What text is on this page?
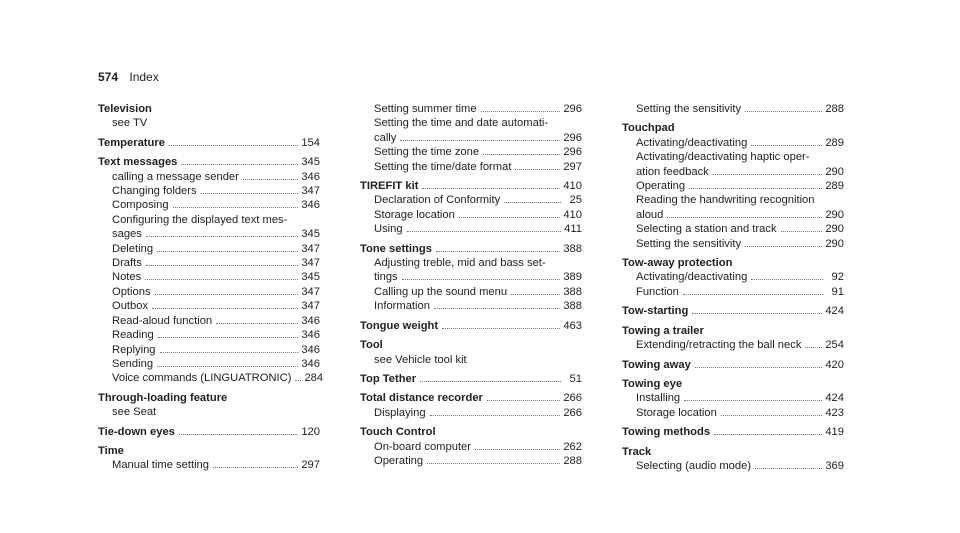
574 Index
Television
see TV
Temperature	154
Text messages	345
calling a message sender	346
Changing folders	347
Composing	346
Configuring the displayed text mes-
sages	345
Deleting	347
Drafts	347
Notes	345
Options	347
Outbox	347
Read-aloud function	346
Reading	346
Replying	346
Sending	346
Voice commands (LINGUATRONIC) 284
Through-loading feature
see Seat
Tie-down eyes	120
Time
Manual time setting	297
Setting summer time	296
Setting the time and date automati-
cally	296
Setting the time zone	296
Setting the time/date format	297
TIREFIT kit	410
Declaration of Conformity	25
Storage location	410
Using	411
Tone settings	388
Adjusting treble, mid and bass set-
tings	389
Calling up the sound menu	388
Information	388
Tongue weight	463
Tool
see Vehicle tool kit
Top Tether	51
Total distance recorder	266
Displaying	266
Touch Control
On-board computer	262
Operating	288
Setting the sensitivity	288
Touchpad
Activating/deactivating	289
Activating/deactivating haptic oper-
ation feedback	290
Operating	289
Reading the handwriting recognition
aloud	290
Selecting a station and track	290
Setting the sensitivity	290
Tow-away protection
Activating/deactivating	92
Function	91
Tow-starting	424
Towing a trailer
Extending/retracting the ball neck 254
Towing away	420
Towing eye
Installing	424
Storage location	423
Towing methods	419
Track
Selecting (audio mode)	369
